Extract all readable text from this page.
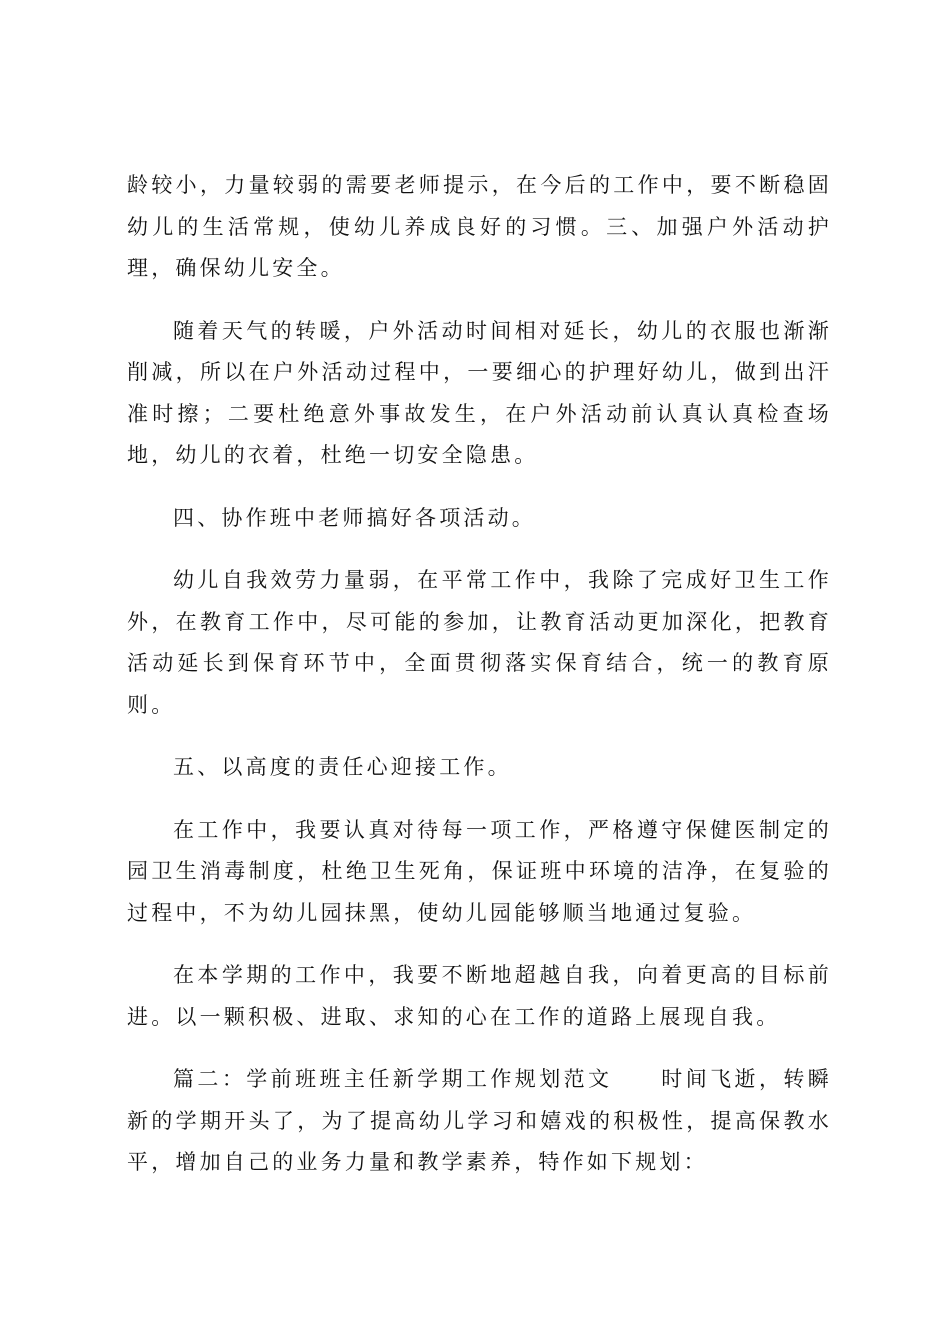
龄较小，力量较弱的需要老师提示，在今后的工作中，要不断稳固幼儿的生活常规，使幼儿养成良好的习惯。三、加强户外活动护理，确保幼儿安全。

随着天气的转暖，户外活动时间相对延长，幼儿的衣服也渐渐削减，所以在户外活动过程中，一要细心的护理好幼儿，做到出汗准时擦；二要杜绝意外事故发生，在户外活动前认真认真检查场地，幼儿的衣着，杜绝一切安全隐患。

四、协作班中老师搞好各项活动。

幼儿自我效劳力量弱，在平常工作中，我除了完成好卫生工作外，在教育工作中，尽可能的参加，让教育活动更加深化，把教育活动延长到保育环节中，全面贯彻落实保育结合，统一的教育原则。

五、以高度的责任心迎接工作。

在工作中，我要认真对待每一项工作，严格遵守保健医制定的园卫生消毒制度，杜绝卫生死角，保证班中环境的洁净，在复验的过程中，不为幼儿园抹黑，使幼儿园能够顺当地通过复验。

在本学期的工作中，我要不断地超越自我，向着更高的目标前进。以一颗积极、进取、求知的心在工作的道路上展现自我。

篇二：学前班班主任新学期工作规划范文　　时间飞逝，转瞬新的学期开头了，为了提高幼儿学习和嬉戏的积极性，提高保教水平，增加自己的业务力量和教学素养，特作如下规划：
